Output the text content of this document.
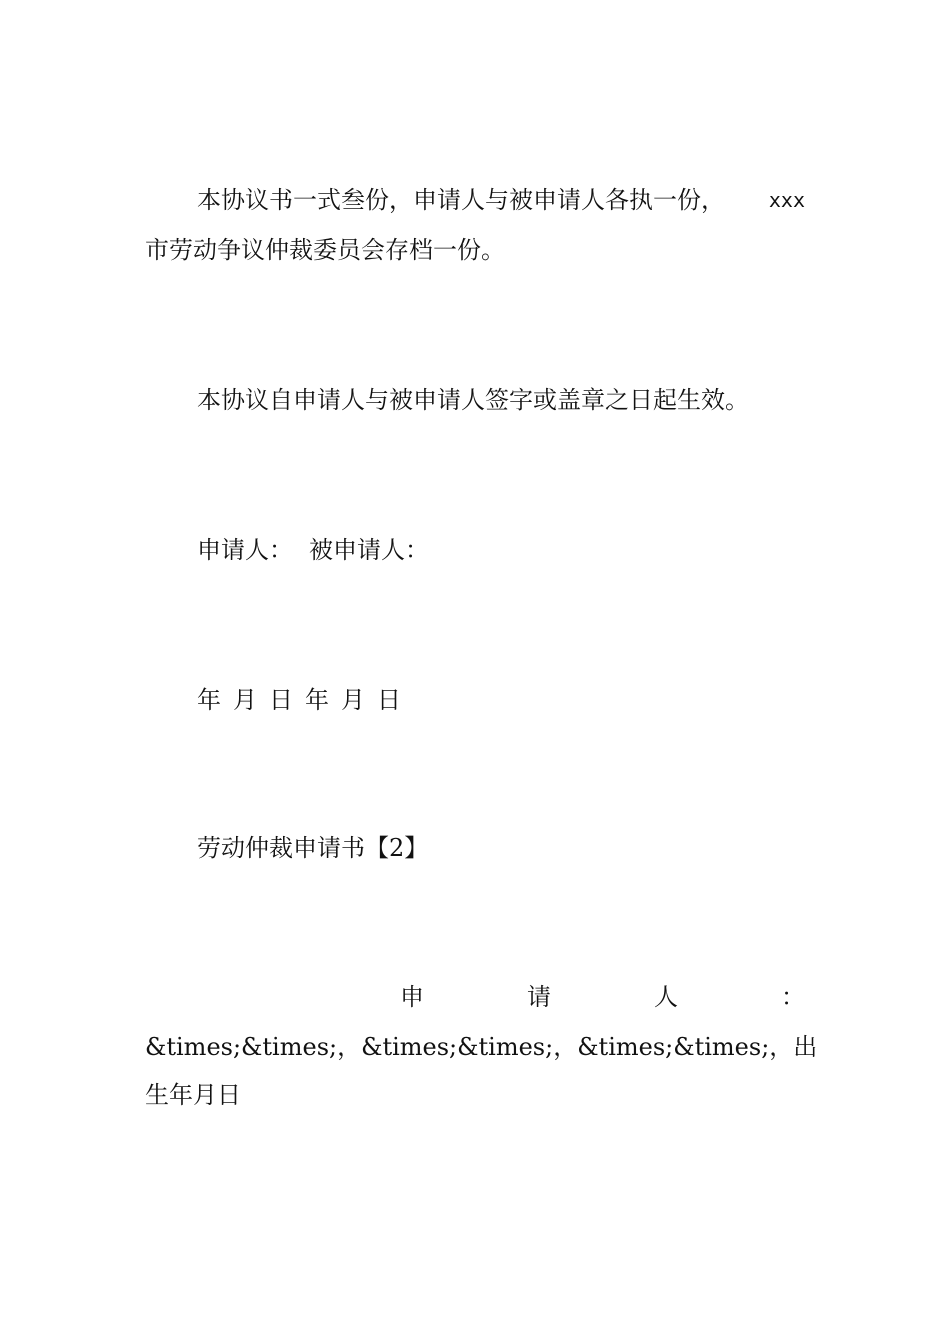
本协议书一式叁份，申请人与被申请人各执一份， xxx
市劳动争议仲裁委员会存档一份。
本协议自申请人与被申请人签字或盖章之日起生效。
申请人： 被申请人：
年 月 日 年 月 日
劳动仲裁申请书【2】
申	请	人	：
&times;&times;， &times;&times;， &times;&times;， 出
生年月日
